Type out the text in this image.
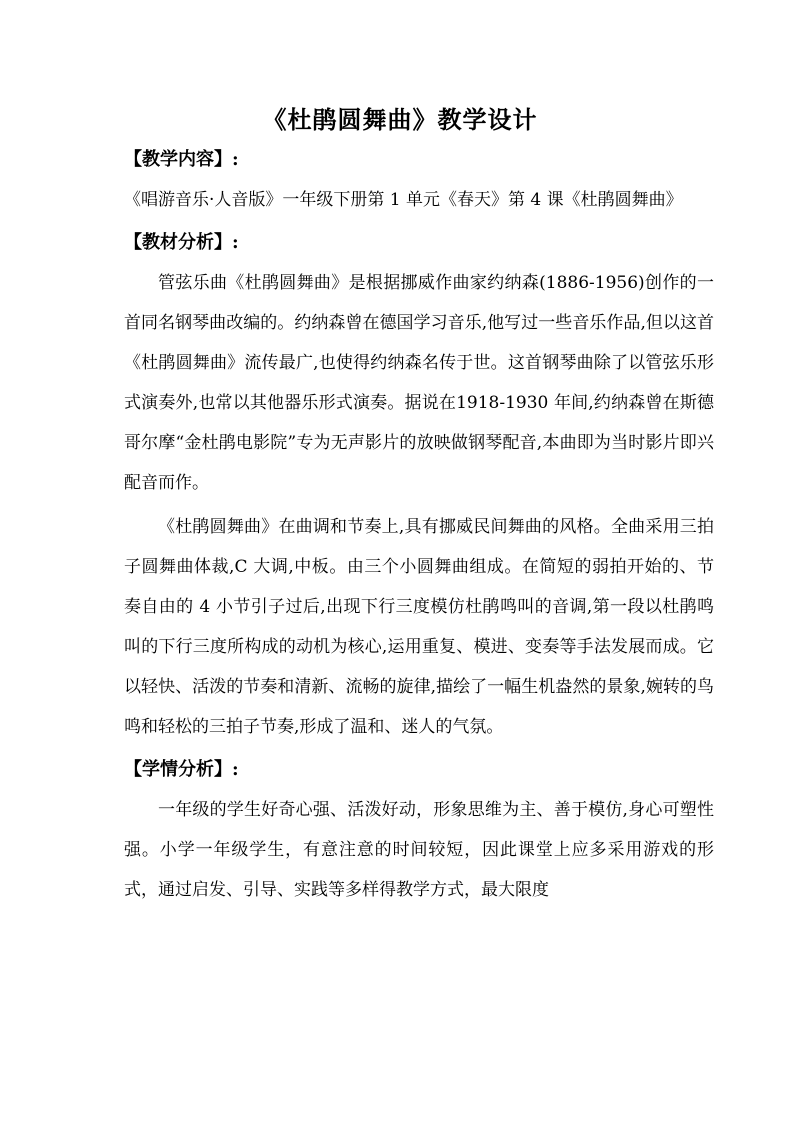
《杜鹃圆舞曲》教学设计

【教学内容】:

《唱游音乐·人音版》一年级下册第 1 单元《春天》第 4 课《杜鹃圆舞曲》

【教材分析】:

管弦乐曲《杜鹃圆舞曲》是根据挪威作曲家约纳森(1886-1956)创作的一首同名钢琴曲改编的。约纳森曾在德国学习音乐,他写过一些音乐作品,但以这首《杜鹃圆舞曲》流传最广,也使得约纳森名传于世。这首钢琴曲除了以管弦乐形式演奏外,也常以其他器乐形式演奏。据说在1918-1930 年间,约纳森曾在斯德哥尔摩“金杜鹃电影院”专为无声影片的放映做钢琴配音,本曲即为当时影片即兴配音而作。

《杜鹃圆舞曲》在曲调和节奏上,具有挪威民间舞曲的风格。全曲采用三拍子圆舞曲体裁,C 大调,中板。由三个小圆舞曲组成。在简短的弱拍开始的、节奏自由的 4 小节引子过后,出现下行三度模仿杜鹃鸣叫的音调,第一段以杜鹃鸣叫的下行三度所构成的动机为核心,运用重复、模进、变奏等手法发展而成。它以轻快、活泼的节奏和清新、流畅的旋律,描绘了一幅生机盎然的景象,婉转的鸟鸣和轻松的三拍子节奏,形成了温和、迷人的气氛。

【学情分析】:

一年级的学生好奇心强、活泼好动，形象思维为主、善于模仿,身心可塑性强。小学一年级学生，有意注意的时间较短，因此课堂上应多采用游戏的形式，通过启发、引导、实践等多样得教学方式，最大限度
